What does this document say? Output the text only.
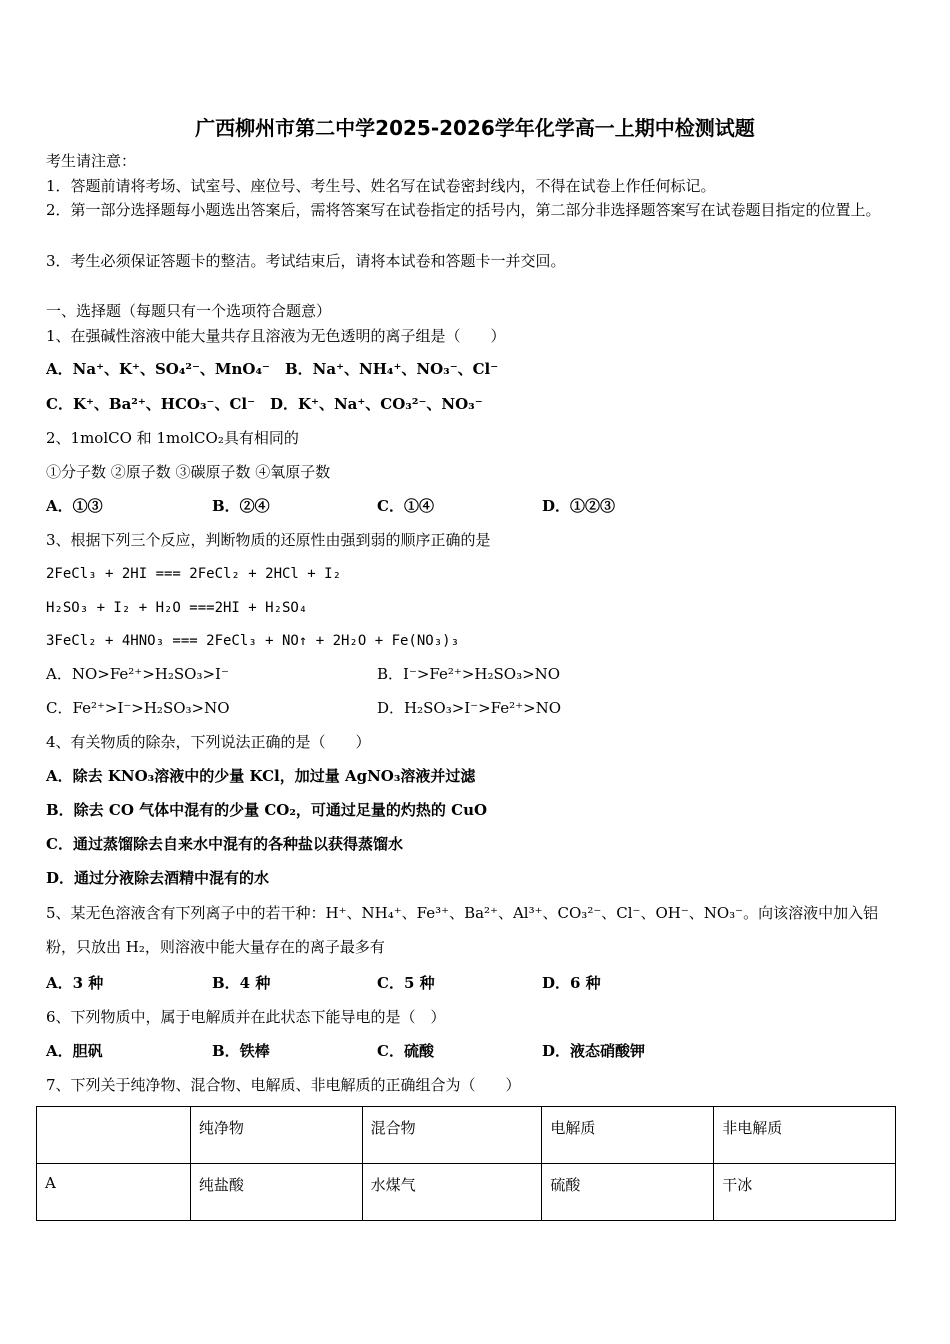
广西柳州市第二中学2025-2026学年化学高一上期中检测试题
考生请注意：
1．答题前请将考场、试室号、座位号、考生号、姓名写在试卷密封线内，不得在试卷上作任何标记。
2．第一部分选择题每小题选出答案后，需将答案写在试卷指定的括号内，第二部分非选择题答案写在试卷题目指定的位置上。
3．考生必须保证答题卡的整洁。考试结束后，请将本试卷和答题卡一并交回。
一、选择题（每题只有一个选项符合题意）
1、在强碱性溶液中能大量共存且溶液为无色透明的离子组是（　　）
A．Na⁺、K⁺、SO₄²⁻、MnO₄⁻　B．Na⁺、NH₄⁺、NO₃⁻、Cl⁻
C．K⁺、Ba²⁺、HCO₃⁻、Cl⁻　D．K⁺、Na⁺、CO₃²⁻、NO₃⁻
2、1molCO 和 1molCO₂具有相同的
①分子数 ②原子数 ③碳原子数 ④氧原子数
A．①③	B．②④	C．①④	D．①②③
3、根据下列三个反应，判断物质的还原性由强到弱的顺序正确的是
2FeCl₃ + 2HI === 2FeCl₂ + 2HCl + I₂
H₂SO₃ + I₂ + H₂O ===2HI + H₂SO₄
3FeCl₂ + 4HNO₃ === 2FeCl₃ + NO↑ + 2H₂O + Fe(NO₃)₃
A．NO>Fe²⁺>H₂SO₃>I⁻	B．I⁻>Fe²⁺>H₂SO₃>NO
C．Fe²⁺>I⁻>H₂SO₃>NO	D．H₂SO₃>I⁻>Fe²⁺>NO
4、有关物质的除杂，下列说法正确的是（　　）
A．除去 KNO₃溶液中的少量 KCl，加过量 AgNO₃溶液并过滤
B．除去 CO 气体中混有的少量 CO₂，可通过足量的灼热的 CuO
C．通过蒸馏除去自来水中混有的各种盐以获得蒸馏水
D．通过分液除去酒精中混有的水
5、某无色溶液含有下列离子中的若干种：H⁺、NH₄⁺、Fe³⁺、Ba²⁺、Al³⁺、CO₃²⁻、Cl⁻、OH⁻、NO₃⁻。向该溶液中加入铝粉，只放出 H₂，则溶液中能大量存在的离子最多有
A．3 种	B．4 种	C．5 种	D．6 种
6、下列物质中，属于电解质并在此状态下能导电的是（　）
A．胆矾	B．铁棒	C．硫酸	D．液态硝酸钾
7、下列关于纯净物、混合物、电解质、非电解质的正确组合为（　　）
	纯净物	混合物	电解质	非电解质
A	纯盐酸	水煤气	硫酸	干冰
